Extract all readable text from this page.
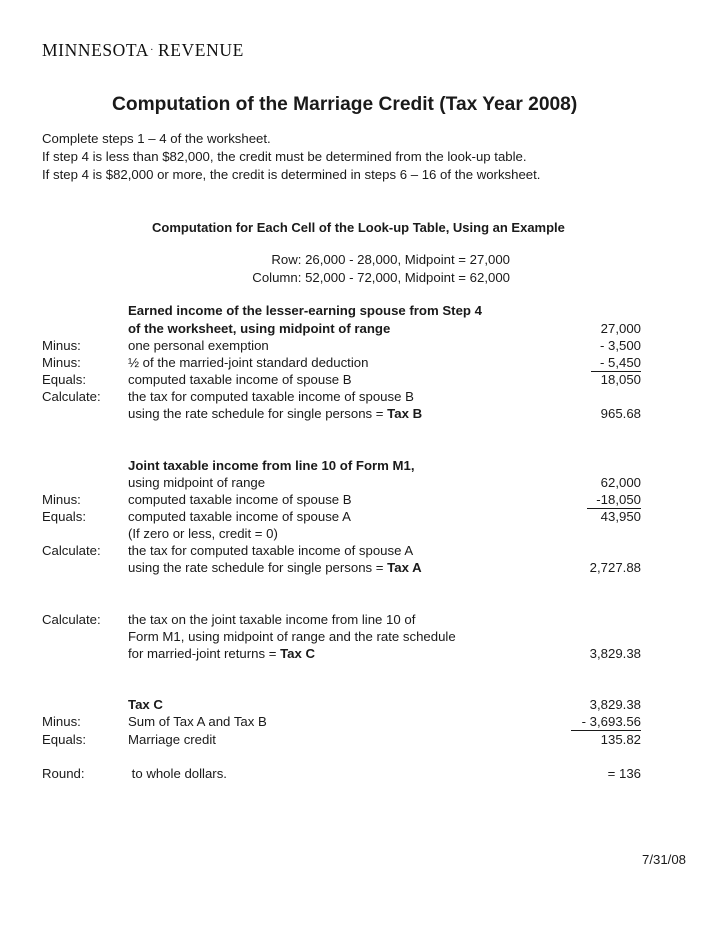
MINNESOTA· REVENUE
Computation of the Marriage Credit (Tax Year 2008)
Complete steps 1 – 4 of the worksheet.
If step 4 is less than $82,000, the credit must be determined from the look-up table.
If step 4 is $82,000 or more, the credit is determined in steps 6 – 16 of the worksheet.
Computation for Each Cell of the Look-up Table, Using an Example
Row: 26,000 - 28,000, Midpoint = 27,000
Column: 52,000 - 72,000, Midpoint = 62,000
Earned income of the lesser-earning spouse from Step 4
of the worksheet, using midpoint of range	27,000
Minus:	one personal exemption	- 3,500
Minus:	½ of the married-joint standard deduction	- 5,450
Equals:	computed taxable income of spouse B	18,050
Calculate: the tax for computed taxable income of spouse B
using the rate schedule for single persons = Tax B	965.68
Joint taxable income from line 10 of Form M1,
using midpoint of range	62,000
Minus:	computed taxable income of spouse B	-18,050
Equals:	computed taxable income of spouse A	43,950
(If zero or less, credit = 0)
Calculate: the tax for computed taxable income of spouse A
using the rate schedule for single persons = Tax A	2,727.88
Calculate: the tax on the joint taxable income from line 10 of
Form M1, using midpoint of range and the rate schedule
for married-joint returns = Tax C	3,829.38
Tax C	3,829.38
Minus:	Sum of Tax A and Tax B	- 3,693.56
Equals:	Marriage credit	135.82
Round:	to whole dollars.	= 136
7/31/08
